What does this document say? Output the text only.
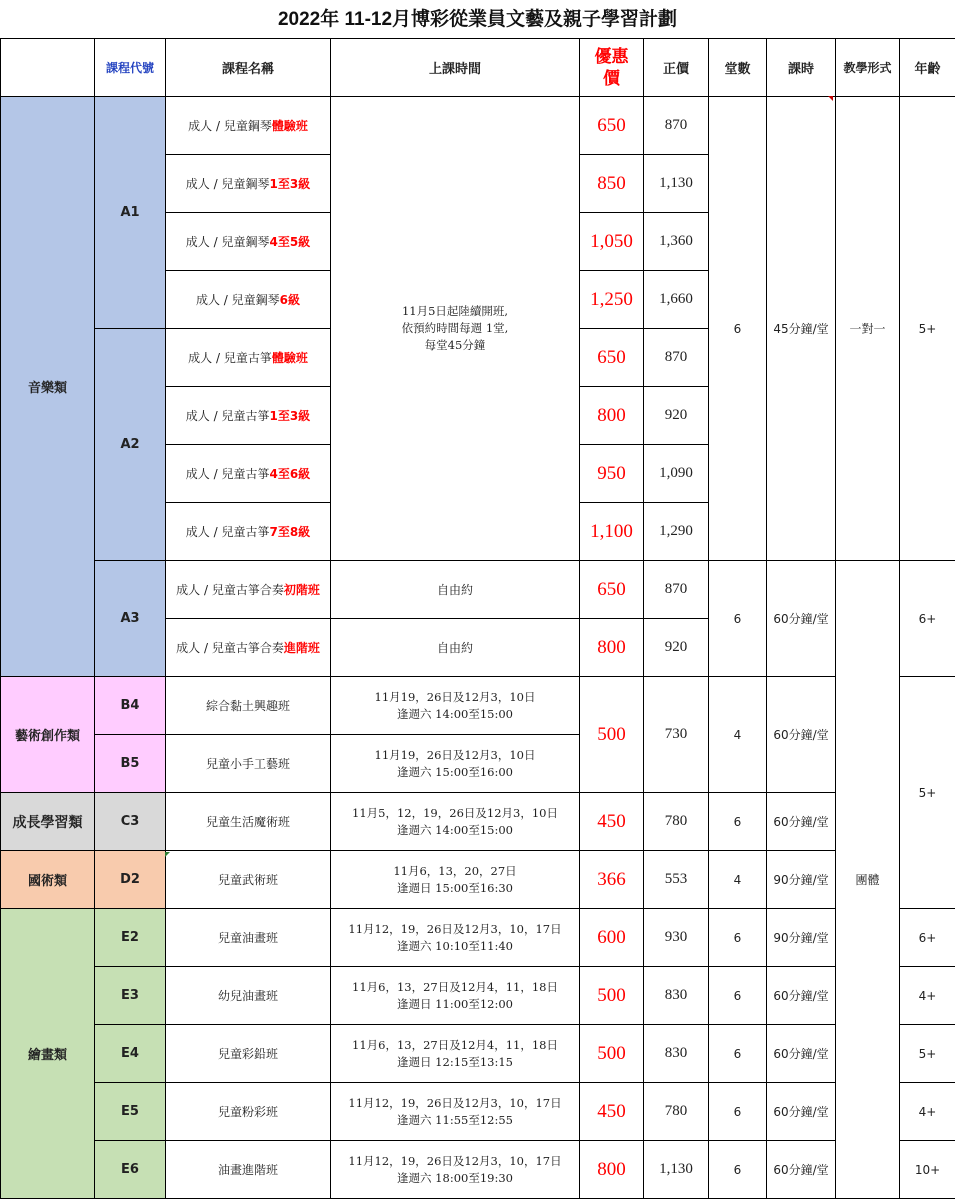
2022年 11-12月博彩從業員文藝及親子學習計劃
	課程代號	課程名稱	上課時間	優惠
價	正價	堂數	課時	教學形式	年齡
音樂類	A1	成人 / 兒童鋼琴體驗班	11月5日起陸續開班,
依預約時間每週 1堂,
每堂45分鐘	650	870	6	45分鐘/堂	一對一	5+
		成人 / 兒童鋼琴1至3級		850	1,130				
		成人 / 兒童鋼琴4至5級		1,050	1,360				
		成人 / 兒童鋼琴6級		1,250	1,660				
	A2	成人 / 兒童古箏體驗班		650	870				
		成人 / 兒童古箏1至3級		800	920				
		成人 / 兒童古箏4至6級		950	1,090				
		成人 / 兒童古箏7至8級		1,100	1,290				
	A3	成人 / 兒童古箏合奏初階班	自由約	650	870	6	60分鐘/堂	團體	6+
		成人 / 兒童古箏合奏進階班	自由約	800	920				
藝術創作類	B4	綜合黏土興趣班	11月19，26日及12月3，10日
逢週六 14:00至15:00	500	730	4	60分鐘/堂		5+
	B5	兒童小手工藝班	11月19，26日及12月3，10日
逢週六 15:00至16:00						
成長學習類	C3	兒童生活魔術班	11月5，12，19，26日及12月3，10日
逢週六 14:00至15:00	450	780	6	60分鐘/堂		
國術類	D2	兒童武術班	11月6，13，20，27日
逢週日 15:00至16:30	366	553	4	90分鐘/堂		
繪畫類	E2	兒童油畫班	11月12，19，26日及12月3，10，17日
逢週六 10:10至11:40	600	930	6	90分鐘/堂		6+
	E3	幼兒油畫班	11月6，13，27日及12月4，11，18日
逢週日 11:00至12:00	500	830	6	60分鐘/堂		4+
	E4	兒童彩鉛班	11月6，13，27日及12月4，11，18日
逢週日 12:15至13:15	500	830	6	60分鐘/堂		5+
	E5	兒童粉彩班	11月12，19，26日及12月3，10，17日
逢週六 11:55至12:55	450	780	6	60分鐘/堂		4+
	E6	油畫進階班	11月12，19，26日及12月3，10，17日
逢週六 18:00至19:30	800	1,130	6	60分鐘/堂		10+
